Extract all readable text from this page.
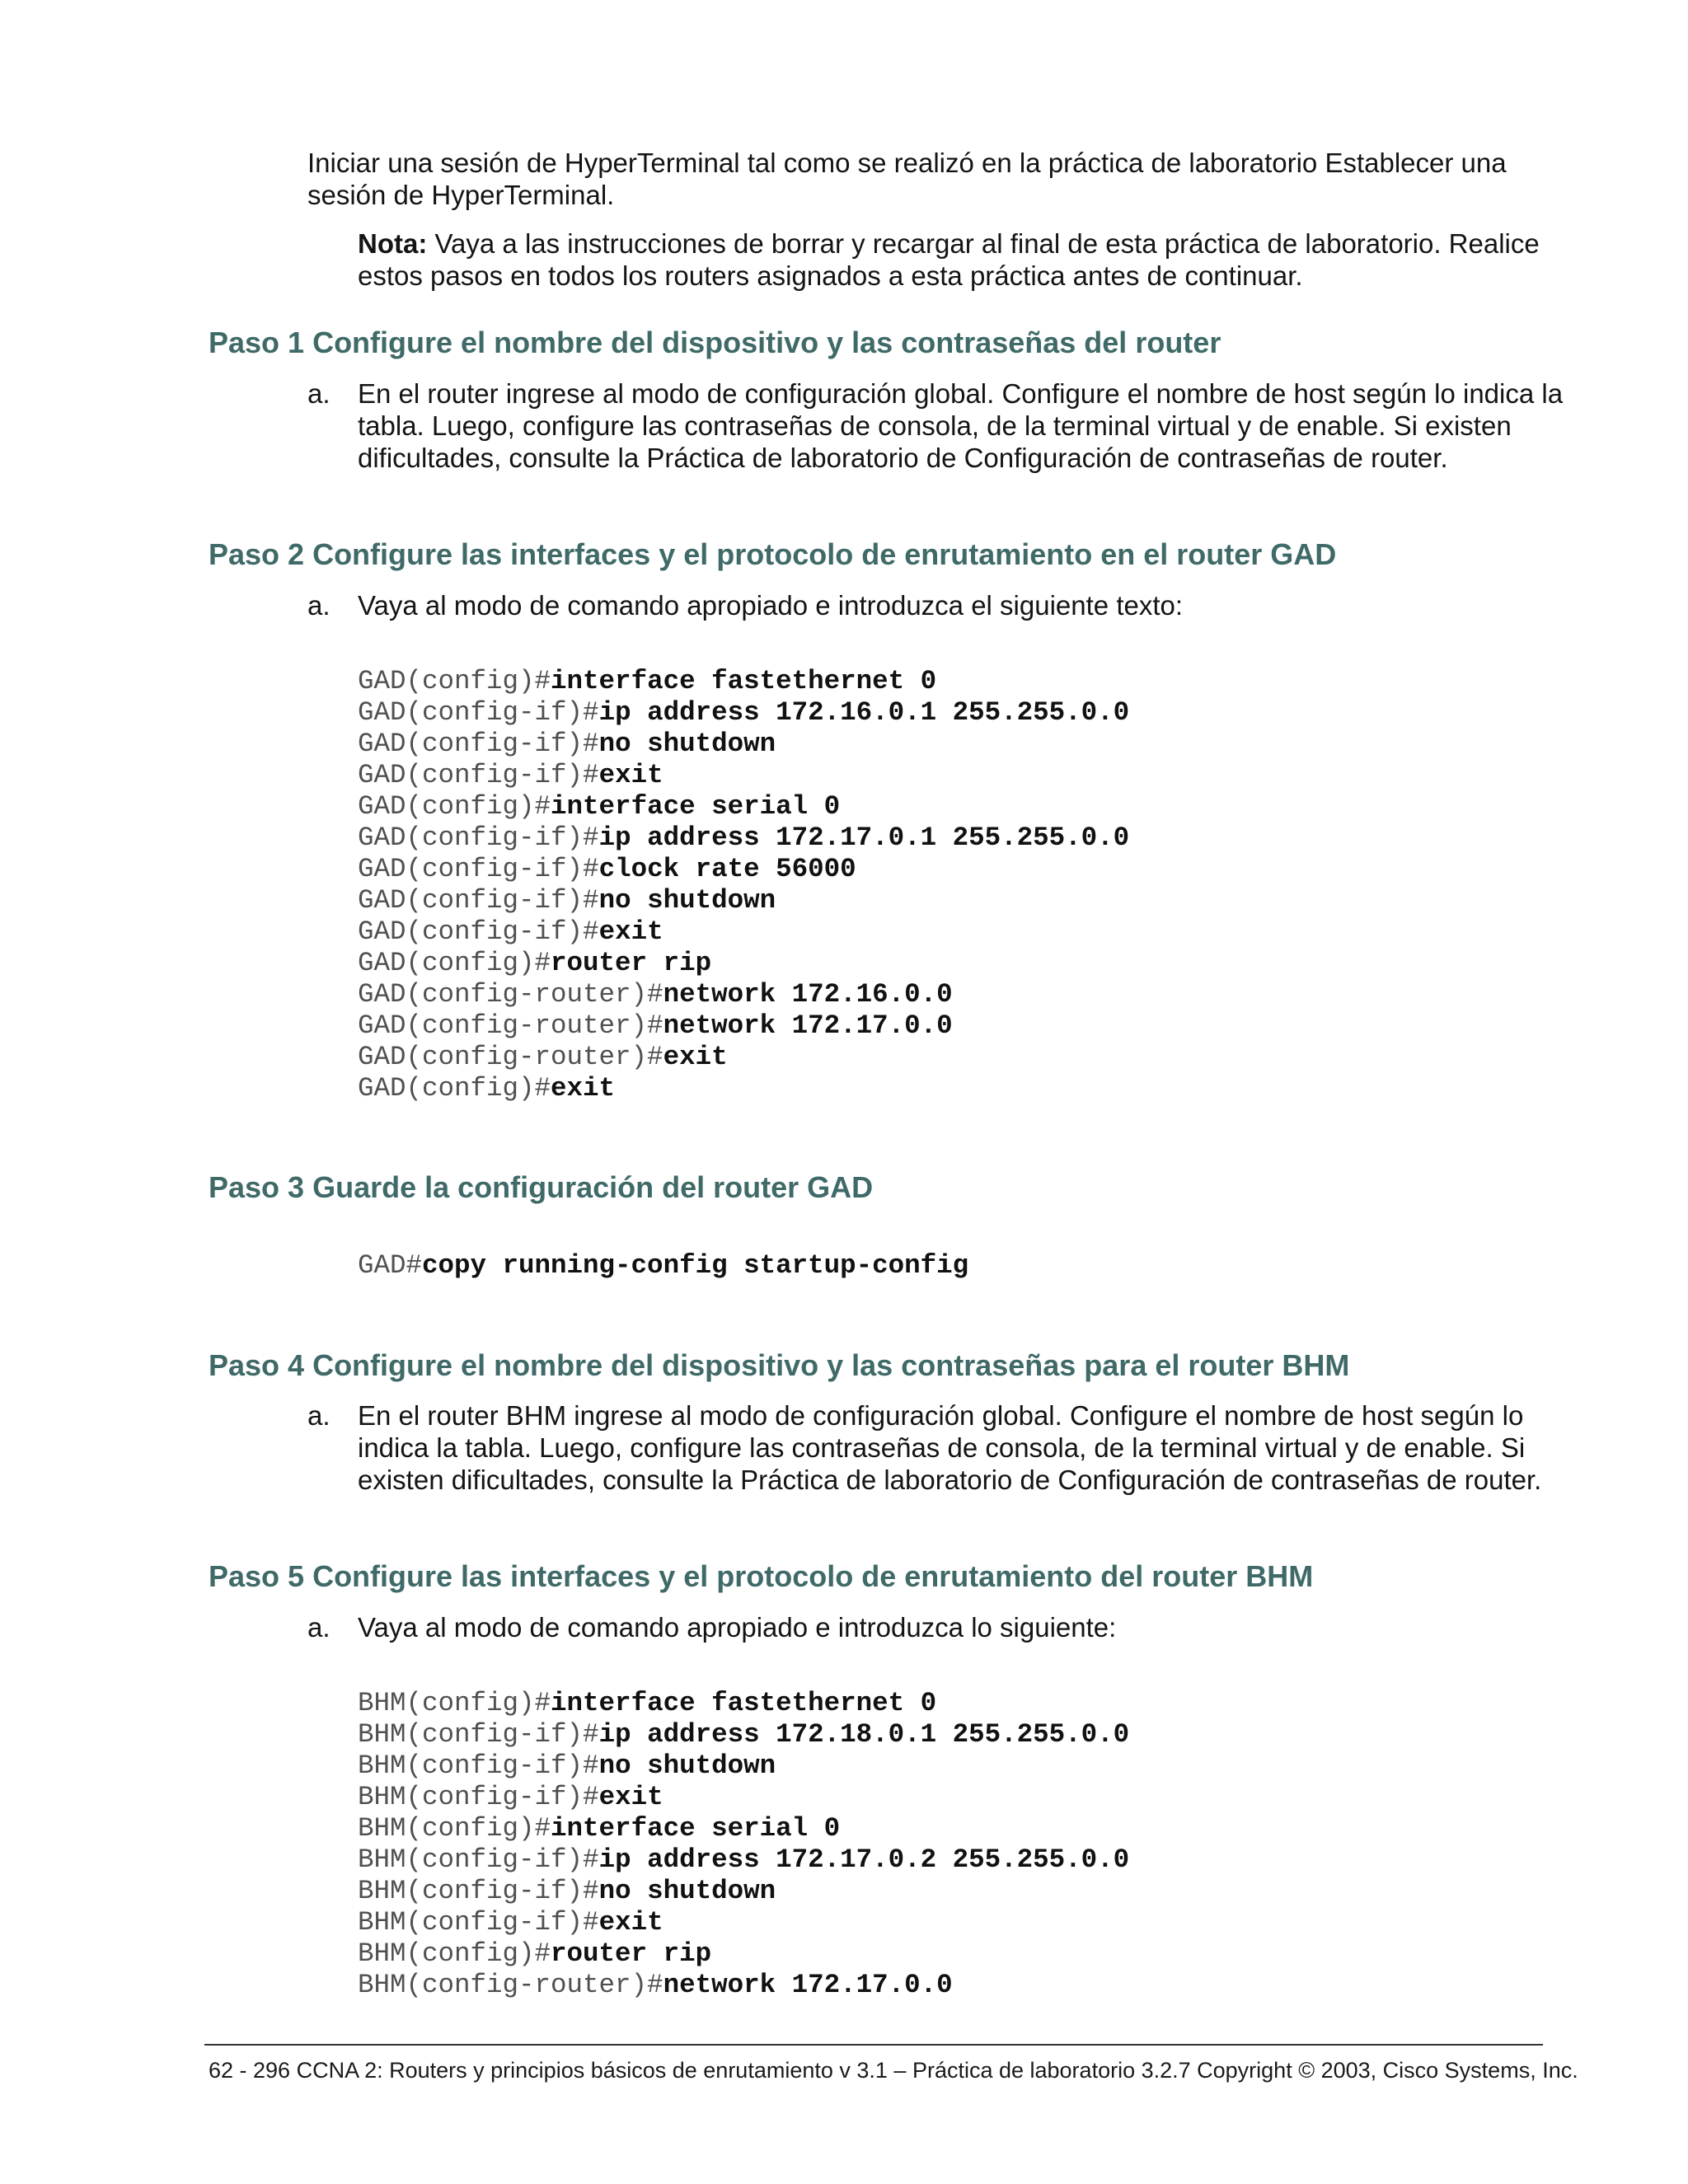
Iniciar una sesión de HyperTerminal tal como se realizó en la práctica de laboratorio Establecer una sesión de HyperTerminal.
Nota: Vaya a las instrucciones de borrar y recargar al final de esta práctica de laboratorio. Realice estos pasos en todos los routers asignados a esta práctica antes de continuar.
Paso 1 Configure el nombre del dispositivo y las contraseñas del router
a. En el router ingrese al modo de configuración global. Configure el nombre de host según lo indica la tabla. Luego, configure las contraseñas de consola, de la terminal virtual y de enable. Si existen dificultades, consulte la Práctica de laboratorio de Configuración de contraseñas de router.
Paso 2 Configure las interfaces y el protocolo de enrutamiento en el router GAD
a. Vaya al modo de comando apropiado e introduzca el siguiente texto:
GAD(config)#interface fastethernet 0
GAD(config-if)#ip address 172.16.0.1 255.255.0.0
GAD(config-if)#no shutdown
GAD(config-if)#exit
GAD(config)#interface serial 0
GAD(config-if)#ip address 172.17.0.1 255.255.0.0
GAD(config-if)#clock rate 56000
GAD(config-if)#no shutdown
GAD(config-if)#exit
GAD(config)#router rip
GAD(config-router)#network 172.16.0.0
GAD(config-router)#network 172.17.0.0
GAD(config-router)#exit
GAD(config)#exit
Paso 3 Guarde la configuración del router GAD
GAD#copy running-config startup-config
Paso 4 Configure el nombre del dispositivo y las contraseñas para el router BHM
a. En el router BHM ingrese al modo de configuración global. Configure el nombre de host según lo indica la tabla. Luego, configure las contraseñas de consola, de la terminal virtual y de enable. Si existen dificultades, consulte la Práctica de laboratorio de Configuración de contraseñas de router.
Paso 5 Configure las interfaces y el protocolo de enrutamiento del router BHM
a. Vaya al modo de comando apropiado e introduzca lo siguiente:
BHM(config)#interface fastethernet 0
BHM(config-if)#ip address 172.18.0.1 255.255.0.0
BHM(config-if)#no shutdown
BHM(config-if)#exit
BHM(config)#interface serial 0
BHM(config-if)#ip address 172.17.0.2 255.255.0.0
BHM(config-if)#no shutdown
BHM(config-if)#exit
BHM(config)#router rip
BHM(config-router)#network 172.17.0.0
62 - 296 CCNA 2: Routers y principios básicos de enrutamiento v 3.1 – Práctica de laboratorio 3.2.7 Copyright © 2003, Cisco Systems, Inc.
